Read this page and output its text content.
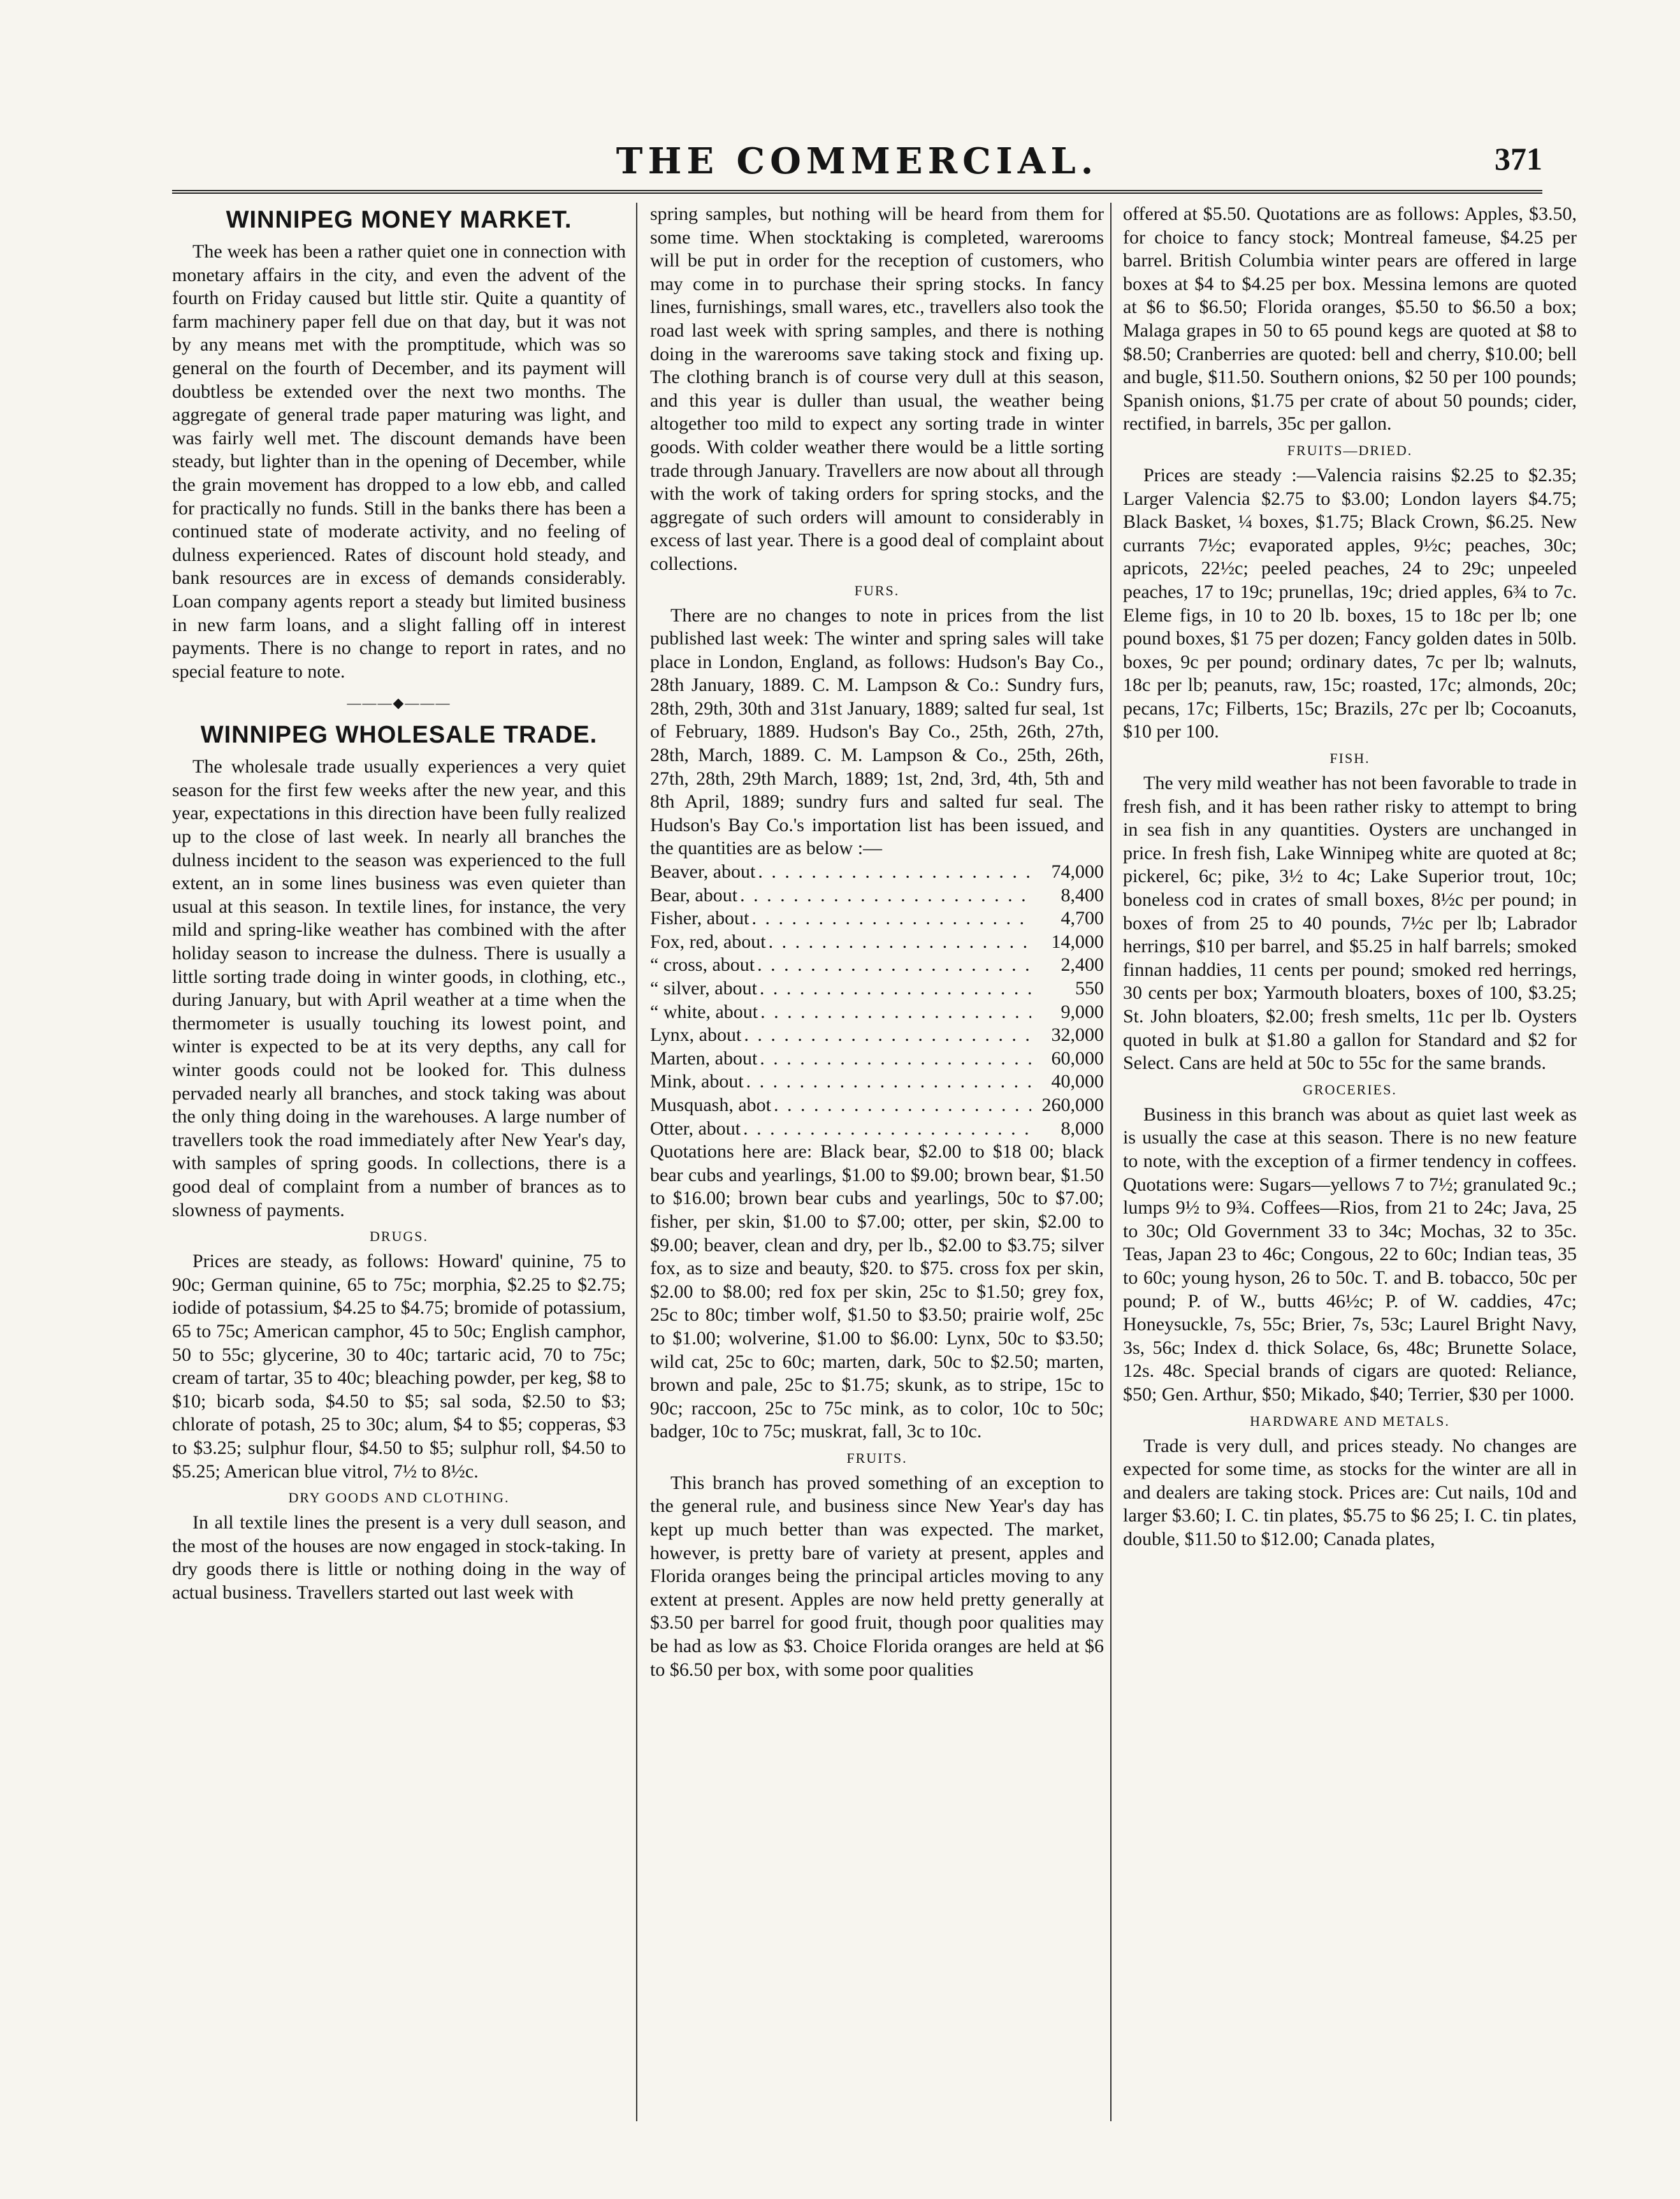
THE COMMERCIAL.	371
WINNIPEG MONEY MARKET.

The week has been a rather quiet one in connection with monetary affairs in the city, and even the advent of the fourth on Friday caused but little stir. Quite a quantity of farm machinery paper fell due on that day, but it was not by any means met with the promptitude, which was so general on the fourth of December, and its payment will doubtless be extended over the next two months. The aggregate of general trade paper maturing was light, and was fairly well met. The discount demands have been steady, but lighter than in the opening of December, while the grain movement has dropped to a low ebb, and called for practically no funds. Still in the banks there has been a continued state of moderate activity, and no feeling of dulness experienced. Rates of discount hold steady, and bank resources are in excess of demands considerably. Loan company agents report a steady but limited business in new farm loans, and a slight falling off in interest payments. There is no change to report in rates, and no special feature to note.

———◆———
WINNIPEG WHOLESALE TRADE.

The wholesale trade usually experiences a very quiet season for the first few weeks after the new year, and this year, expectations in this direction have been fully realized up to the close of last week. In nearly all branches the dulness incident to the season was experienced to the full extent, an in some lines business was even quieter than usual at this season. In textile lines, for instance, the very mild and spring-like weather has combined with the after holiday season to increase the dulness. There is usually a little sorting trade doing in winter goods, in clothing, etc., during January, but with April weather at a time when the thermometer is usually touching its lowest point, and winter is expected to be at its very depths, any call for winter goods could not be looked for. This dulness pervaded nearly all branches, and stock taking was about the only thing doing in the warehouses. A large number of travellers took the road immediately after New Year's day, with samples of spring goods. In collections, there is a good deal of complaint from a number of brances as to slowness of payments.

DRUGS.

Prices are steady, as follows: Howard' quinine, 75 to 90c; German quinine, 65 to 75c; morphia, $2.25 to $2.75; iodide of potassium, $4.25 to $4.75; bromide of potassium, 65 to 75c; American camphor, 45 to 50c; English camphor, 50 to 55c; glycerine, 30 to 40c; tartaric acid, 70 to 75c; cream of tartar, 35 to 40c; bleaching powder, per keg, $8 to $10; bicarb soda, $4.50 to $5; sal soda, $2.50 to $3; chlorate of potash, 25 to 30c; alum, $4 to $5; copperas, $3 to $3.25; sulphur flour, $4.50 to $5; sulphur roll, $4.50 to $5.25; American blue vitrol, 7½ to 8½c.

DRY GOODS AND CLOTHING.

In all textile lines the present is a very dull season, and the most of the houses are now engaged in stock-taking. In dry goods there is little or nothing doing in the way of actual business. Travellers started out last week with

spring samples, but nothing will be heard from them for some time. When stocktaking is completed, warerooms will be put in order for the reception of customers, who may come in to purchase their spring stocks. In fancy lines, furnishings, small wares, etc., travellers also took the road last week with spring samples, and there is nothing doing in the warerooms save taking stock and fixing up. The clothing branch is of course very dull at this season, and this year is duller than usual, the weather being altogether too mild to expect any sorting trade in winter goods. With colder weather there would be a little sorting trade through January. Travellers are now about all through with the work of taking orders for spring stocks, and the aggregate of such orders will amount to considerably in excess of last year. There is a good deal of complaint about collections.

FURS.

There are no changes to note in prices from the list published last week: The winter and spring sales will take place in London, England, as follows: Hudson's Bay Co., 28th January, 1889. C. M. Lampson & Co.: Sundry furs, 28th, 29th, 30th and 31st January, 1889; salted fur seal, 1st of February, 1889. Hudson's Bay Co., 25th, 26th, 27th, 28th, March, 1889. C. M. Lampson & Co., 25th, 26th, 27th, 28th, 29th March, 1889; 1st, 2nd, 3rd, 4th, 5th and 8th April, 1889; sundry furs and salted fur seal. The Hudson's Bay Co.'s importation list has been issued, and the quantities are as below :—

Beaver, about . . .	74,000
Bear, about . . .	8,400
Fisher, about . . .	4,700
Fox, red, about . . .	14,000
“ cross, about . . .	2,400
“ silver, about . . .	550
“ white, about . . .	9,000
Lynx, about . . .	32,000
Marten, about . . .	60,000
Mink, about . . .	40,000
Musquash, abot . . .	260,000
Otter, about . . .	8,000

Quotations here are: Black bear, $2.00 to $18 00; black bear cubs and yearlings, $1.00 to $9.00; brown bear, $1.50 to $16.00; brown bear cubs and yearlings, 50c to $7.00; fisher, per skin, $1.00 to $7.00; otter, per skin, $2.00 to $9.00; beaver, clean and dry, per lb., $2.00 to $3.75; silver fox, as to size and beauty, $20. to $75. cross fox per skin, $2.00 to $8.00; red fox per skin, 25c to $1.50; grey fox, 25c to 80c; timber wolf, $1.50 to $3.50; prairie wolf, 25c to $1.00; wolverine, $1.00 to $6.00: Lynx, 50c to $3.50; wild cat, 25c to 60c; marten, dark, 50c to $2.50; marten, brown and pale, 25c to $1.75; skunk, as to stripe, 15c to 90c; raccoon, 25c to 75c mink, as to color, 10c to 50c; badger, 10c to 75c; muskrat, fall, 3c to 10c.

FRUITS.

This branch has proved something of an exception to the general rule, and business since New Year's day has kept up much better than was expected. The market, however, is pretty bare of variety at present, apples and Florida oranges being the principal articles moving to any extent at present. Apples are now held pretty generally at $3.50 per barrel for good fruit, though poor qualities may be had as low as $3. Choice Florida oranges are held at $6 to $6.50 per box, with some poor qualities

offered at $5.50. Quotations are as follows: Apples, $3.50, for choice to fancy stock; Montreal fameuse, $4.25 per barrel. British Columbia winter pears are offered in large boxes at $4 to $4.25 per box. Messina lemons are quoted at $6 to $6.50; Florida oranges, $5.50 to $6.50 a box; Malaga grapes in 50 to 65 pound kegs are quoted at $8 to $8.50; Cranberries are quoted: bell and cherry, $10.00; bell and bugle, $11.50. Southern onions, $2 50 per 100 pounds; Spanish onions, $1.75 per crate of about 50 pounds; cider, rectified, in barrels, 35c per gallon.

FRUITS—DRIED.

Prices are steady :—Valencia raisins $2.25 to $2.35; Larger Valencia $2.75 to $3.00; London layers $4.75; Black Basket, ¼ boxes, $1.75; Black Crown, $6.25. New currants 7½c; evaporated apples, 9½c; peaches, 30c; apricots, 22½c; peeled peaches, 24 to 29c; unpeeled peaches, 17 to 19c; prunellas, 19c; dried apples, 6¾ to 7c. Eleme figs, in 10 to 20 lb. boxes, 15 to 18c per lb; one pound boxes, $1 75 per dozen; Fancy golden dates in 50lb. boxes, 9c per pound; ordinary dates, 7c per lb; walnuts, 18c per lb; peanuts, raw, 15c; roasted, 17c; almonds, 20c; pecans, 17c; Filberts, 15c; Brazils, 27c per lb; Cocoanuts, $10 per 100.

FISH.

The very mild weather has not been favorable to trade in fresh fish, and it has been rather risky to attempt to bring in sea fish in any quantities. Oysters are unchanged in price. In fresh fish, Lake Winnipeg white are quoted at 8c; pickerel, 6c; pike, 3½ to 4c; Lake Superior trout, 10c; boneless cod in crates of small boxes, 8½c per pound; in boxes of from 25 to 40 pounds, 7½c per lb; Labrador herrings, $10 per barrel, and $5.25 in half barrels; smoked finnan haddies, 11 cents per pound; smoked red herrings, 30 cents per box; Yarmouth bloaters, boxes of 100, $3.25; St. John bloaters, $2.00; fresh smelts, 11c per lb. Oysters quoted in bulk at $1.80 a gallon for Standard and $2 for Select. Cans are held at 50c to 55c for the same brands.

GROCERIES.

Business in this branch was about as quiet last week as is usually the case at this season. There is no new feature to note, with the exception of a firmer tendency in coffees. Quotations were: Sugars—yellows 7 to 7½; granulated 9c.; lumps 9½ to 9¾. Coffees—Rios, from 21 to 24c; Java, 25 to 30c; Old Government 33 to 34c; Mochas, 32 to 35c. Teas, Japan 23 to 46c; Congous, 22 to 60c; Indian teas, 35 to 60c; young hyson, 26 to 50c. T. and B. tobacco, 50c per pound; P. of W., butts 46½c; P. of W. caddies, 47c; Honeysuckle, 7s, 55c; Brier, 7s, 53c; Laurel Bright Navy, 3s, 56c; Index d. thick Solace, 6s, 48c; Brunette Solace, 12s. 48c. Special brands of cigars are quoted: Reliance, $50; Gen. Arthur, $50; Mikado, $40; Terrier, $30 per 1000.

HARDWARE AND METALS.

Trade is very dull, and prices steady. No changes are expected for some time, as stocks for the winter are all in and dealers are taking stock. Prices are: Cut nails, 10d and larger $3.60; I. C. tin plates, $5.75 to $6 25; I. C. tin plates, double, $11.50 to $12.00; Canada plates,
